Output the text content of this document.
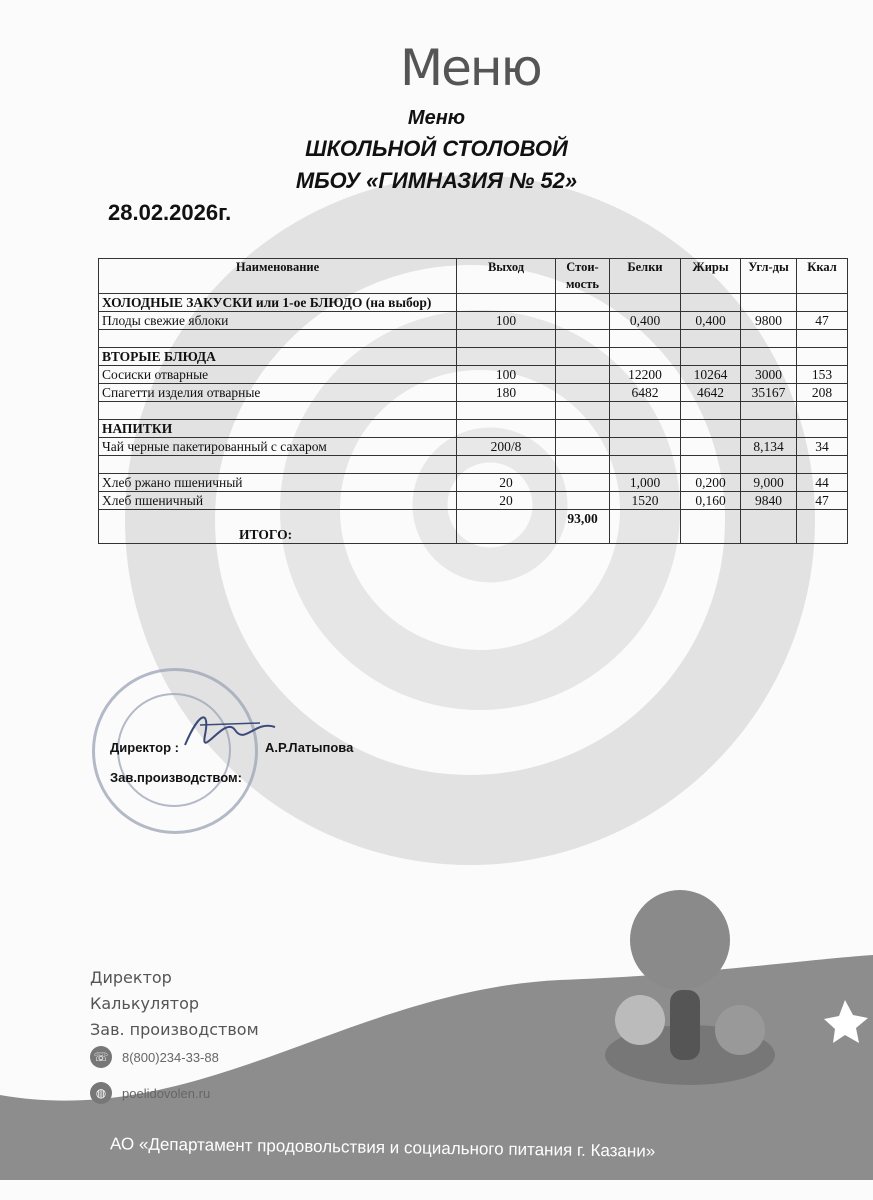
Меню
Меню
ШКОЛЬНОЙ СТОЛОВОЙ
МБОУ «ГИМНАЗИЯ № 52»
28.02.2026г.
Наименование	Выход	Стои-мость	Белки	Жиры	Угл-ды	Ккал
ХОЛОДНЫЕ ЗАКУСКИ или 1-ое БЛЮДО (на выбор)						
Плоды свежие яблоки	100		0,400	0,400	9800	47

ВТОРЫЕ БЛЮДА						
Сосиски отварные	100		12200	10264	3000	153
Спагетти изделия отварные	180		6482	4642	35167	208

НАПИТКИ						
Чай черные пакетированный с сахаром	200/8				8,134	34

Хлеб ржано пшеничный	20		1,000	0,200	9,000	44
Хлеб пшеничный	20		1520	0,160	9840	47
ИТОГО:		93,00				
Директор :	А.Р.Латыпова
Зав.производством:
Директор
Калькулятор
Зав. производством
☏ 8(800)234-33-88
◍	poelidovolen.ru
АО «Департамент продовольствия и социального питания г. Казани»
